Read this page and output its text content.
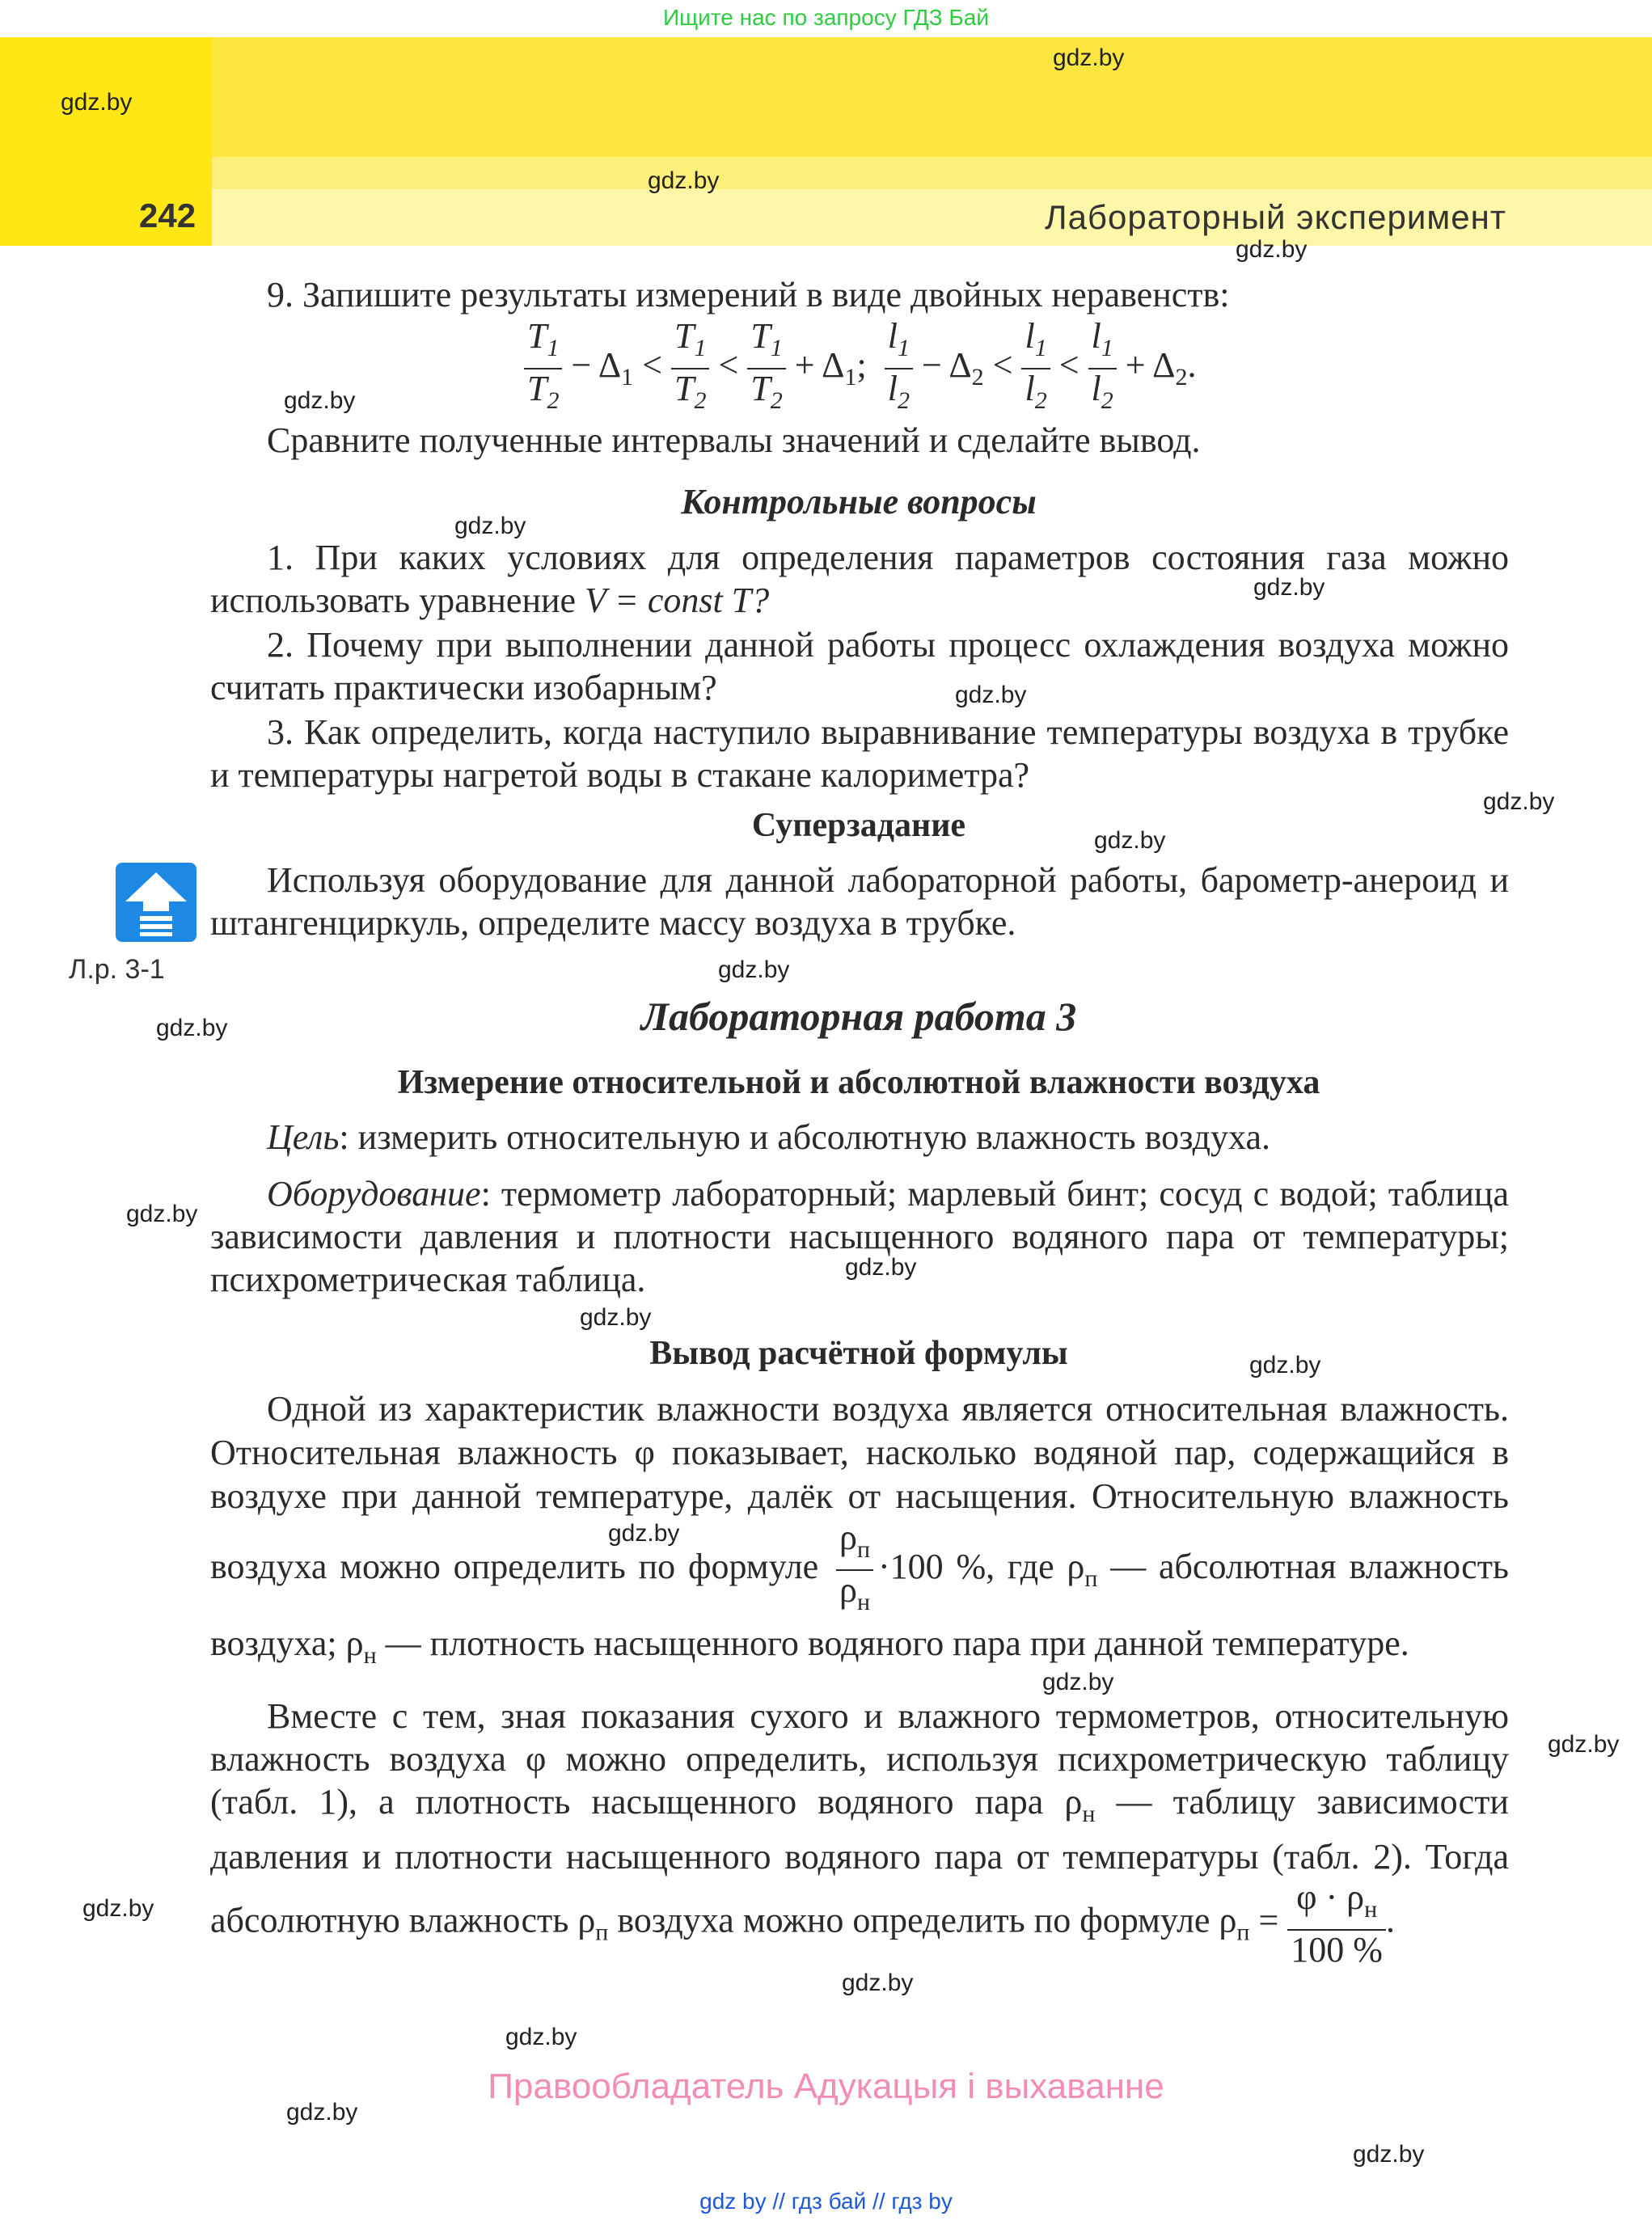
Ищите нас по запросу ГДЗ Бай
242	Лабораторный эксперимент
gdz.by
gdz.by
gdz.by
gdz.by
gdz.by
gdz.by
gdz.by
gdz.by
gdz.by
gdz.by
gdz.by
gdz.by
gdz.by
gdz.by
gdz.by
gdz.by
gdz.by
gdz.by
gdz.by
gdz.by
gdz.by
gdz.by
gdz.by
gdz.by
9. Запишите результаты измерений в виде двойных неравенств:
$\frac{T_1}{T_2} - \Delta_1 < \frac{T_1}{T_2} < \frac{T_1}{T_2} + \Delta_1$; $\frac{l_1}{l_2} - \Delta_2 < \frac{l_1}{l_2} < \frac{l_1}{l_2} + \Delta_2$.
Сравните полученные интервалы значений и сделайте вывод.
Контрольные вопросы
1. При каких условиях для определения параметров состояния газа можно использовать уравнение V = const T?
2. Почему при выполнении данной работы процесс охлаждения воздуха можно считать практически изобарным?
3. Как определить, когда наступило выравнивание температуры воздуха в трубке и температуры нагретой воды в стакане калориметра?
Суперзадание
Л.р. 3-1
Используя оборудование для данной лабораторной работы, барометр-анероид и штангенциркуль, определите массу воздуха в трубке.
Лабораторная работа 3
Измерение относительной и абсолютной влажности воздуха
Цель: измерить относительную и абсолютную влажность воздуха.
Оборудование: термометр лабораторный; марлевый бинт; сосуд с водой; таблица зависимости давления и плотности насыщенного водяного пара от температуры; психрометрическая таблица.
Вывод расчётной формулы
Одной из характеристик влажности воздуха является относительная влажность. Относительная влажность φ показывает, насколько водяной пар, содержащийся в воздухе при данной температуре, далёк от насыщения. Относительную влажность воздуха можно определить по формуле $\frac{\rho_п}{\rho_н} \cdot 100$ %, где $\rho_п$ — абсолютная влажность воздуха; $\rho_н$ — плотность насыщенного водяного пара при данной температуре.
Вместе с тем, зная показания сухого и влажного термометров, относительную влажность воздуха φ можно определить, используя психрометрическую таблицу (табл. 1), а плотность насыщенного водяного пара $\rho_н$ — таблицу зависимости давления и плотности насыщенного водяного пара от температуры (табл. 2). Тогда абсолютную влажность $\rho_п$ воздуха можно определить по формуле $\rho_п = \frac{\varphi \cdot \rho_н}{100 \%}$ .
Правообладатель Адукацыя і выхаванне
gdz by // гдз бай // гдз by
